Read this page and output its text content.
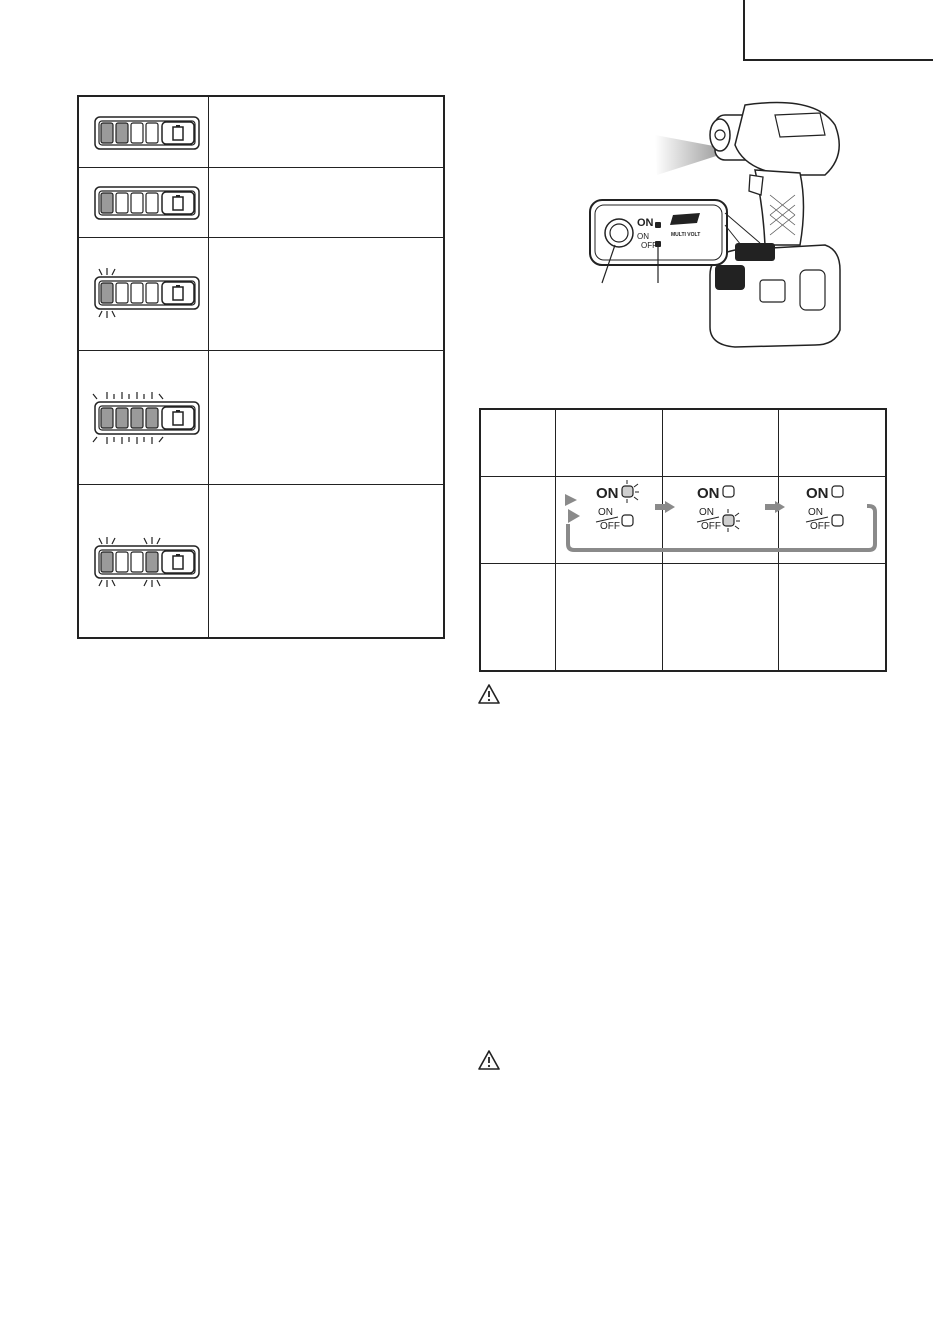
ON
ON
OFF
MULTI VOLT
ON
ON
OFF
ON
ON
OFF
ON
ON
OFF
